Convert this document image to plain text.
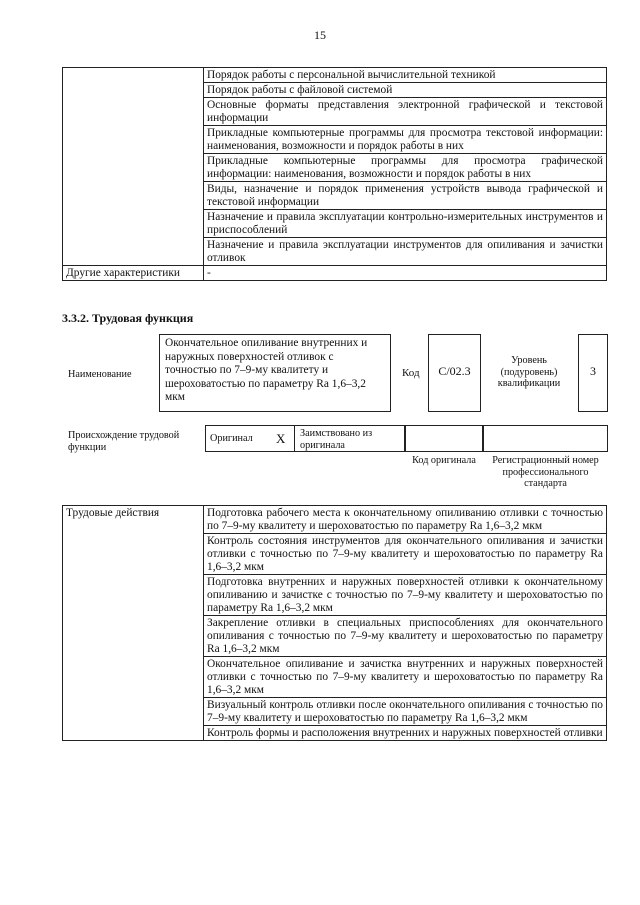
15
	Порядок работы с персональной вычислительной техникой
	Порядок работы с файловой системой
	Основные форматы представления электронной графической и текстовой информации
	Прикладные компьютерные программы для просмотра текстовой информации: наименования, возможности и порядок работы в них
	Прикладные компьютерные программы для просмотра графической информации: наименования, возможности и порядок работы в них
	Виды, назначение и порядок применения устройств вывода графической и текстовой информации
	Назначение и правила эксплуатации контрольно-измерительных инструментов и приспособлений
	Назначение и правила эксплуатации инструментов для опиливания и зачистки отливок
Другие характеристики	-
3.3.2. Трудовая функция
Наименование
Окончательное опиливание внутренних и наружных поверхностей отливок с точностью по 7–9-му квалитету и шероховатостью по параметру Ra 1,6–3,2 мкм
Код	С/02.3
Уровень (подуровень) квалификации
3
Происхождение трудовой функции
Оригинал X	Заимствовано из оригинала
Код оригинала	Регистрационный номер профессионального стандарта
Трудовые действия	Подготовка рабочего места к окончательному опиливанию отливки с точностью по 7–9-му квалитету и шероховатостью по параметру Ra 1,6–3,2 мкм
Контроль состояния инструментов для окончательного опиливания и зачистки отливки с точностью по 7–9-му квалитету и шероховатостью по параметру Ra 1,6–3,2 мкм
Подготовка внутренних и наружных поверхностей отливки к окончательному опиливанию и зачистке с точностью по 7–9-му квалитету и шероховатостью по параметру Ra 1,6–3,2 мкм
Закрепление отливки в специальных приспособлениях для окончательного опиливания с точностью по 7–9-му квалитету и шероховатостью по параметру Ra 1,6–3,2 мкм
Окончательное опиливание и зачистка внутренних и наружных поверхностей отливки с точностью по 7–9-му квалитету и шероховатостью по параметру Ra 1,6–3,2 мкм
Визуальный контроль отливки после окончательного опиливания с точностью по 7–9-му квалитету и шероховатостью по параметру Ra 1,6–3,2 мкм
Контроль формы и расположения внутренних и наружных поверхностей отливки
